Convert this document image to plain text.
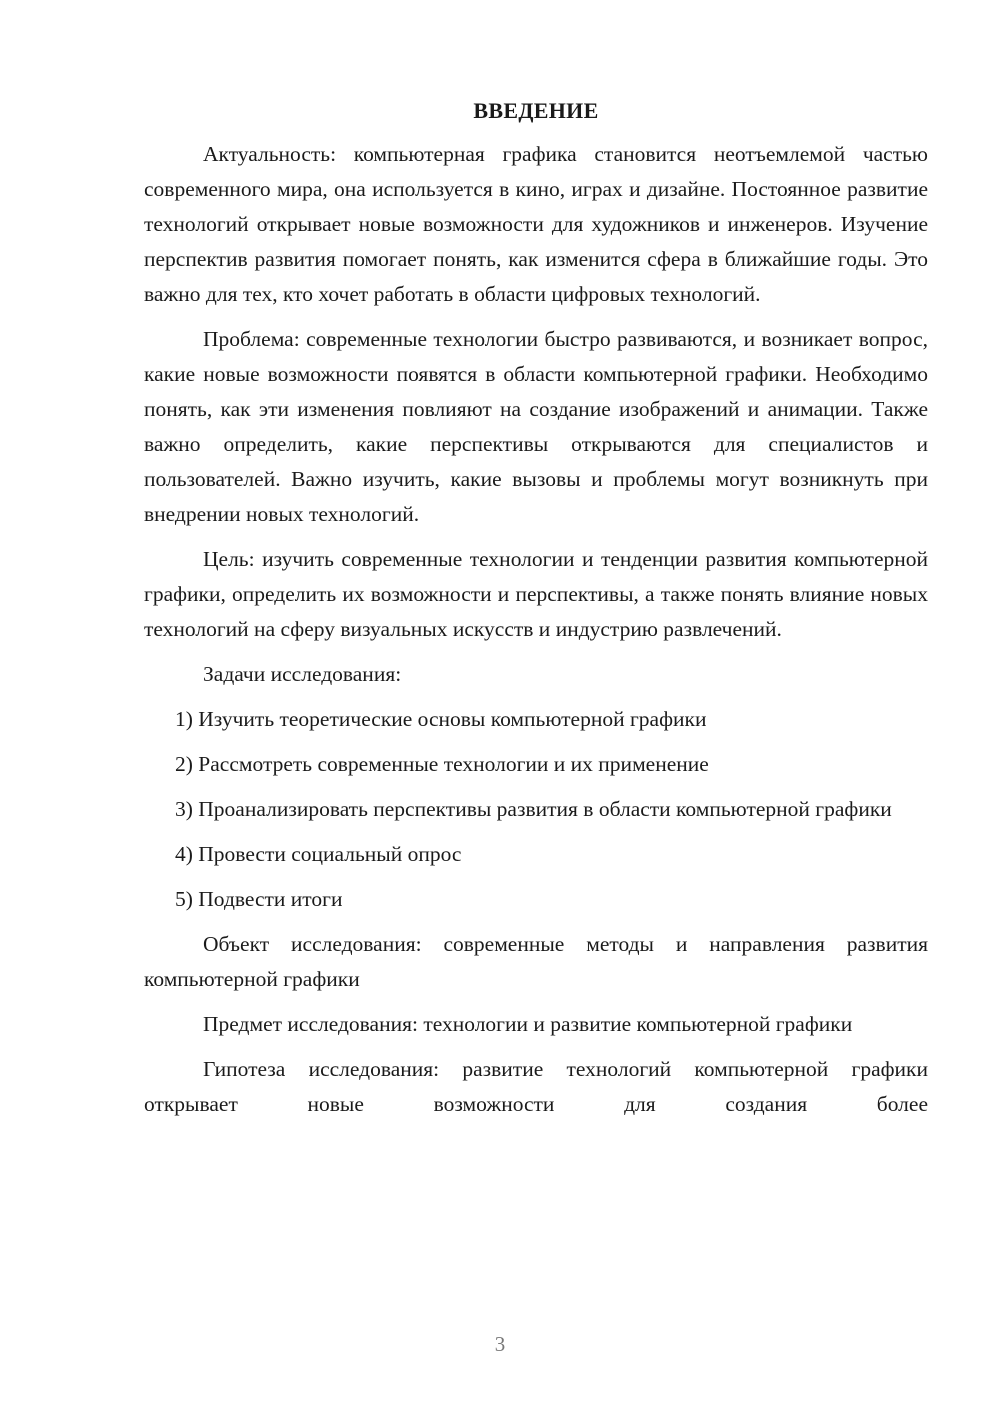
ВВЕДЕНИЕ

Актуальность: компьютерная графика становится неотъемлемой частью современного мира, она используется в кино, играх и дизайне. Постоянное развитие технологий открывает новые возможности для художников и инженеров. Изучение перспектив развития помогает понять, как изменится сфера в ближайшие годы. Это важно для тех, кто хочет работать в области цифровых технологий.

Проблема: современные технологии быстро развиваются, и возникает вопрос, какие новые возможности появятся в области компьютерной графики. Необходимо понять, как эти изменения повлияют на создание изображений и анимации. Также важно определить, какие перспективы открываются для специалистов и пользователей. Важно изучить, какие вызовы и проблемы могут возникнуть при внедрении новых технологий.

Цель: изучить современные технологии и тенденции развития компьютерной графики, определить их возможности и перспективы, а также понять влияние новых технологий на сферу визуальных искусств и индустрию развлечений.

Задачи исследования:

1) Изучить теоретические основы компьютерной графики

2) Рассмотреть современные технологии и их применение

3) Проанализировать перспективы развития в области компьютерной графики

4) Провести социальный опрос

5) Подвести итоги

Объект исследования: современные методы и направления развития компьютерной графики

Предмет исследования: технологии и развитие компьютерной графики

Гипотеза исследования: развитие технологий компьютерной графики открывает новые возможности для создания более

3
